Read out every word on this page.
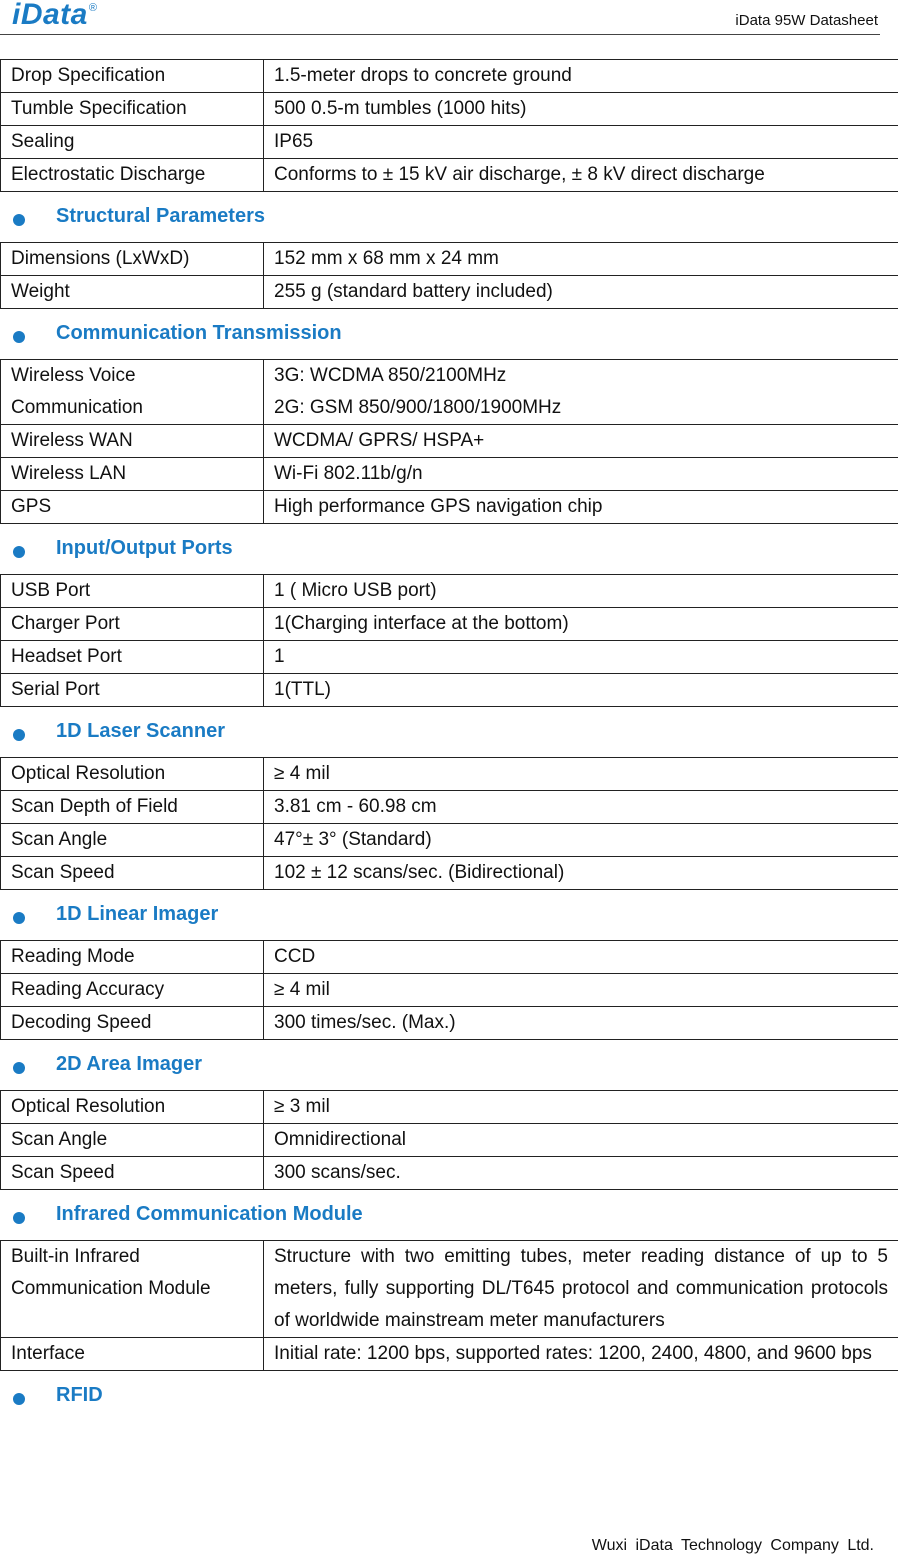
iData®
iData 95W Datasheet
Drop Specification	1.5-meter drops to concrete ground
Tumble Specification	500 0.5-m tumbles (1000 hits)
Sealing	IP65
Electrostatic Discharge	Conforms to ± 15 kV air discharge, ± 8 kV direct discharge
Structural Parameters
Dimensions (LxWxD)	152 mm x 68 mm x 24 mm
Weight	255 g (standard battery included)
Communication Transmission
Wireless Voice Communication	3G: WCDMA 850/2100MHz
2G: GSM 850/900/1800/1900MHz
Wireless WAN	WCDMA/ GPRS/ HSPA+
Wireless LAN	Wi-Fi 802.11b/g/n
GPS	High performance GPS navigation chip
Input/Output Ports
USB Port	1 ( Micro USB port)
Charger Port	1(Charging interface at the bottom)
Headset Port	1
Serial Port	1(TTL)
1D Laser Scanner
Optical Resolution	≥ 4 mil
Scan Depth of Field	3.81 cm - 60.98 cm
Scan Angle	47°± 3° (Standard)
Scan Speed	102 ± 12 scans/sec. (Bidirectional)
1D Linear Imager
Reading Mode	CCD
Reading Accuracy	≥ 4 mil
Decoding Speed	300 times/sec. (Max.)
2D Area Imager
Optical Resolution	≥ 3 mil
Scan Angle	Omnidirectional
Scan Speed	300 scans/sec.
Infrared Communication Module
Built-in Infrared Communication Module	Structure with two emitting tubes, meter reading distance of up to 5 meters, fully supporting DL/T645 protocol and communication protocols of worldwide mainstream meter manufacturers
Interface	Initial rate: 1200 bps, supported rates: 1200, 2400, 4800, and 9600 bps
RFID
Wuxi iData Technology Company Ltd.
